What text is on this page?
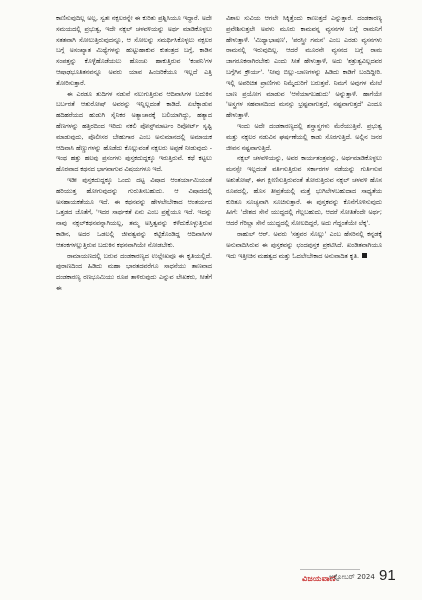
ಕಾಣಿಸುವುದಿಲ್ಲ ಅಲ್ಲ, ಸ್ವತಃ ನಕ್ಸಲರನ್ನೇ ಈ ಕುರಿತು ಪ್ರಶ್ನಿಸಿಯೂ ಇದ್ದಾರೆ. ಅದೇ ಸಮಯದಲ್ಲಿ ಪ್ರಭುತ್ವ, ಇದೇ ನಕ್ಸಲ್ ಚಳವಳಿಯನ್ನು ಅರ್ಥ ಮಾಡಿಕೊಳ್ಳಲು ಸತತವಾಗಿ ಸೋಲುತ್ತಿರುವುದನ್ನೂ, ಆ ಸೋಲನ್ನು ಸಮರ್ಥಿಸಿಕೊಳ್ಳಲು ನಕ್ಸಲರ ಬಗ್ಗೆ ಅಸಂಖ್ಯಾತ ಮಿಥ್ಯೆಗಳನ್ನು ಹುಟ್ಟುಹಾಕುವ ಕುತಂತ್ರದ ಬಗ್ಗೆ, ಕಾಡಿನ ಸಂಪತ್ತನ್ನು ಕೊಳ್ಳೆಹೊಡೆಯಲು ಹೊಂಚು ಹಾಕುತ್ತಿರುವ 'ಕಂಪನಿ'ಗಳ ಆಷಾಢಭೂತಿತನವನ್ನೂ ಅವರು ಯಾವ ಹಿಂಜರಿಕೆಯೂ ಇಲ್ಲದೆ ಎತ್ತಿ ತೋರಿಸುತ್ತಾರೆ.

ಈ ಎರಡೂ ತುದಿಗಳ ನಡುವೆ ನಲುಗುತ್ತಿರುವ ಆದಿವಾಸಿಗಳ ಬದುಕಿನ ಬರ್ಬರತೆ ಆತುರೋಷ್ ಅವರನ್ನು ಇನ್ನಿಲ್ಲದಂತೆ ಕಾಡಿದೆ. ಏಲೆಕ್ಕಾಡುವ ಹದಿಹರೆಯದ ಹುಡುಗಿ ಸೈನಿಕರ ಅತ್ಯಾಚಾರಕ್ಕೆ ಬಲಿಯಾಗಿದ್ದು, ಹತ್ಯಾದ ಹೆಣಗಳನ್ನು ಹತ್ತಿರದಿಂದ ಇರಿದು ನಕಲಿ ಪೋಸ್ಟ್‌ಮಾರ್ಟಂ ರಿಪೋರ್ಟ್ ಸೃಷ್ಟಿ ಮಾಡುವುದು, ಪೊಲೀಸರ ಬೇಹುಗಾರ ಎಂಬ ಅನುಮಾನದಲ್ಲಿ ಅಮಾಯಕ ಆದಿವಾಸಿ ಹೆಣ್ಣುಗಳನ್ನು ಹೊಡೆದು ಕೊಲ್ಲುವಂತೆ ನಕ್ಸಲರು ಅಪ್ಪಣೆ ನೀಡುವುದು - ಇಂಥ ಹತ್ತು ಹಲವು ಪ್ರಸಂಗಳು ಪುಸ್ತಕದುದ್ದಕ್ಕೂ ಇರುತ್ತಿರುವೆ. ಕಥೆ ಕಟ್ಟಲು ಹೊರವಾದ ಕಥನದ ಭಾಗವಾಗುವ ವಿಷಯಗಳೂ ಇದೆ.

ಇಡೀ ಪುಸ್ತಕದುದ್ದಕ್ಕೂ ಒಂದು ದಟ್ಟ ವಿಷಾದ ಆಂತರ್ಯಾಮಿಯಂತೆ ಹರಿಯುತ್ತ ಹೋಗುವುದನ್ನು ಗುರುತಿಸಬಹುದು. ಆ ವಿಷಾದದಲ್ಲಿ ಅಸಹಾಯಕತೆಯೂ ಇದೆ. ಈ ಕಥನವನ್ನು ಹೇಳಲೇಬೇಕಾದ ಆಂತರ್ಯದ ಒತ್ತಡದ ಜೊತೆಗೆ, 'ಇದರ ಸಾರ್ಥಕತೆ ಏನು ಎಂಬ ಪ್ರಶ್ನೆಯೂ ಇದೆ. ಇದನ್ನು ನಾವು ನಕ್ಸಲ್‌ಕಥನವನ್ನಾಗಿಯಲ್ಲ, ತಮ್ಮ ಅಸ್ತಿತ್ವವನ್ನು ಕಳೆದುಕೊಳ್ಳುತ್ತಿರುವ ಕಾಡಿನ, ಅದರ ಒಡಲಲ್ಲಿ ಜೀವತ್ವವನ್ನು ಕಟ್ಟಿಕೊಂಡಿದ್ದ ಆದಿವಾಸಿಗಳ ಆತಂಕಗಳಲ್ಲುತ್ತಿರುವ ಬದುಕಿನ ಕಥನವಾಗಿಯೇ ನೋಡಬೇಕು.

ರಾಮಾಯಣದಲ್ಲಿ ಬರುವ ದಂಡಕಾರಣ್ಯದ ಉಲ್ಲೇಖವೂ ಈ ಕೃತಿಯಲ್ಲಿದೆ. ಪುರಾಣದಿಂದ ಹಿಡಿದು ಮಹಾ ಭಾರತದವರೆಗೂ ಸಾಧನೆಯು ತಾಣವಾದ ದಂಡಕಾರಣ್ಯ ರಣಭೂಮಿಯು ರೂಪ ತಾಳಿರುವುದು ಎನ್ನುವ ಲೇಖಕರು, ಸೀತೆಗೆ ಈ

ವಿಶಾಲ ಸುವಿಯ ಆಗಲೇ ಸಿಕ್ಕಿತ್ತೆಂದು ಕಾಣುತ್ತದೆ ಎನ್ನುತ್ತಾರೆ. ದಂಡಕಾರಣ್ಯ ಪ್ರವೇಶಿಸುತ್ತಲೇ ಅವಳು ಮೂರು ಕಾಮವನ್ನ ವ್ಯಸನಗಳ ಬಗ್ಗೆ ರಾಮನಿಗೆ ಹೇಳುತ್ತಾಳೆ. 'ಮಿಥ್ಯಾಭಾಷಣ', 'ಪರಸ್ತ್ರೀ ಗಮನ' ಎಂಬ ಎರಡು ವ್ಯಸನಗಳು ರಾಮನಲ್ಲಿ ಇರುವುದಿಲ್ಲ. ಆದರೆ ಮೂರನೇ ವ್ಯಸನದ ಬಗ್ಗೆ ರಾಮ ಜಾಗರೂಕನಾಗಿರಬೇಕು ಎಂದು ಸೀತೆ ಹೇಳುತ್ತಾಳೆ, ಅದು 'ಶತ್ರುತ್ವವಿಲ್ಲದವರ ಬಗ್ಗೆಗಿನ ಕ್ರೌರ್ಯ'. 'ನೀವು ಬಿಲ್ಲು-ಬಾಣಗಳನ್ನು ಹಿಡಿದು ಕಾಡಿಗೆ ಬಂದಿದ್ದೀರಿ. ಇಲ್ಲಿ ಅಪರಿಚಿತ ಪ್ರಾಣಿಗಳು ನಿಮ್ಮೆದುರಿಗೆ ಬರುತ್ತವೆ. ನಿಮಗೆ ಅವುಗಳ ಮೇಲೆ ಬಾಣ ಪ್ರಯೋಗ ಮಾಡುವ 'ಆಸೆಯಾಗಬಹುದು' ಅನ್ನುತ್ತಾಳೆ. ಹಾಗೆಯೇ 'ಅಸ್ತ್ರಗಳ ಸಹವಾಸದಿಂದ ಮನಸ್ಸು ಭ್ರಷ್ಟವಾಗುತ್ತದೆ, ನಷ್ಟವಾಗುತ್ತದೆ' ಎಂದೂ ಹೇಳುತ್ತಾಳೆ.

ಇಂದು ಅದೇ ದಂಡಕಾರಣ್ಯದಲ್ಲಿ ಶಸ್ತ್ರಾಸ್ತ್ರಗಳು ಮೆರೆಯುತ್ತಿವೆ. ಪ್ರಭುತ್ವ ಮತ್ತು ನಕ್ಸಲರ ನಡುವಿನ ಘರ್ಷಣೆಯಲ್ಲಿ ಕಾಡು ಸೊರಗುತ್ತಿದೆ. ಅಲ್ಲಿನ ಜನರ ಜೀವನ ನಷ್ಟವಾಗುತ್ತಿದೆ.

ನಕ್ಸಲ್ ಚಳವಳಿಯನ್ನು, ಅವರ ಕಾರ್ಯತಂತ್ರವನ್ನು, ಅರ್ಥಮಾಡಿಕೊಳ್ಳಲು ಮನಸ್ಸೇ ಇಲ್ಲದಂತೆ ವರ್ತಿಸುತ್ತಿರುವ ಸರ್ಕಾರಗಳ ನಡೆಯನ್ನು ಗುರ್ತಿಸುವ ಅಶುತೋಷ್, ಈಗ ಕ್ಷೀಣಿಸುತ್ತಿರುವಂತೆ ತೋರುತ್ತಿರುವ ನಕ್ಸಲ್ ಚಳವಳಿ ಹೊಸ ರೂಪದಲ್ಲಿ, ಹೊಸ ತೀವ್ರತೆಯಲ್ಲಿ ಮತ್ತೆ ಭುಗಿಲೇಳಬಹುದಾದ ಸಾಧ್ಯತೆಯ ಕುರಿತೂ ಸೂಚ್ಯವಾಗಿ ಸೂಚಿಸುತ್ತಾರೆ. ಈ ಪುಸ್ತಕವನ್ನು ಕೊನೆಗೊಳಿಸುವುದು ಹೀಗೆ: 'ದೇಶದ ಸೇನೆ ಯುದ್ಧದಲ್ಲಿ ಗೆಲ್ಲಬಹುದು, ಆದರೆ ಸೋತಿತೆಂದೇ ಅರ್ಥ; ಆದರೆ ಗೆರಿಲ್ಲಾ ಸೇನೆ ಯುದ್ಧದಲ್ಲಿ ಸೋಲದಿದ್ದರೆ, ಅದು ಗೆದ್ದಂತೆಯೇ ಲೆಕ್ಕ'.

ರಾಹುಲ್ ಆರ್. ಅವರು 'ಸತ್ತವರ ಸೊಲ್ಲು' ಎಂಬ ಹೆಸರಿನಲ್ಲಿ ಕನ್ನಡಕ್ಕೆ ಅನುವಾದಿಸಿರುವ ಈ ಪುಸ್ತಕವನ್ನು ಛಂದಪುಸ್ತಕ ಪ್ರಕಟಿಸಿದೆ. ಖಂಡಿತವಾಗಿಯೂ ಇದು ಇತ್ತೀಚಿನ ಮಹತ್ವದ ಮತ್ತು ಓದಲೇಬೇಕಾದ ಅನುವಾದಿತ ಕೃತಿ.

ವಿಜಯವಾಣಿ
ಅಕ್ಟೋಬರ್ 2024 91
